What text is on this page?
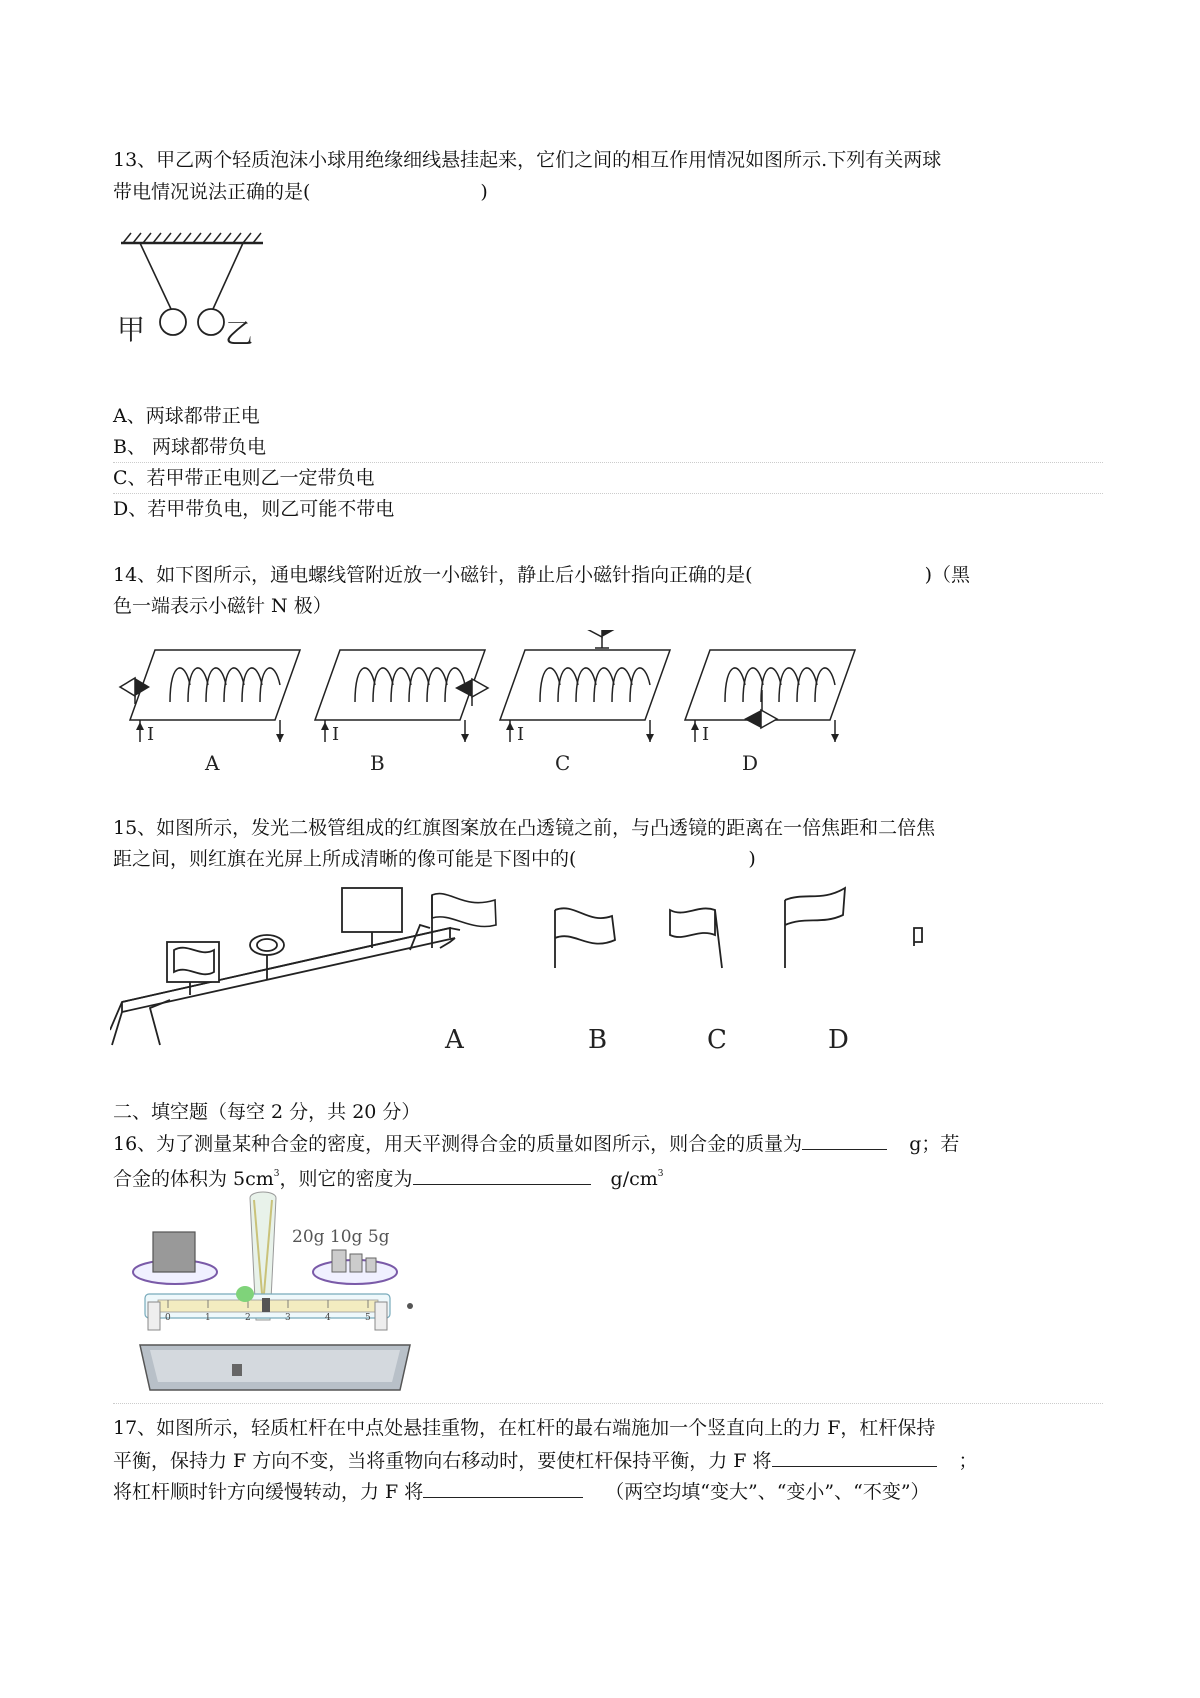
13、甲乙两个轻质泡沫小球用绝缘细线悬挂起来，它们之间的相互作用情况如图所示.下列有关两球
带电情况说法正确的是(	)
甲	乙
A、两球都带正电
B、 两球都带负电
C、若甲带正电则乙一定带负电
D、若甲带负电，则乙可能不带电
14、如下图所示，通电螺线管附近放一小磁针，静止后小磁针指向正确的是(	)（黑
色一端表示小磁针 N 极）
I
A
I
B
I
C
I
D
15、如图所示，发光二极管组成的红旗图案放在凸透镜之前，与凸透镜的距离在一倍焦距和二倍焦
距之间，则红旗在光屏上所成清晰的像可能是下图中的(	)
A	B	C	D
二、填空题（每空 2 分，共 20 分）
16、为了测量某种合金的密度，用天平测得合金的质量如图所示，则合金的质量为	g；若
合金的体积为 $5cm^3$，则它的密度为	$g/cm^3$
0	1	2	3	4	5
20g 10g 5g
17、如图所示，轻质杠杆在中点处悬挂重物，在杠杆的最右端施加一个竖直向上的力 F，杠杆保持
平衡，保持力 F 方向不变，当将重物向右移动时，要使杠杆保持平衡，力 F 将	；
将杠杆顺时针方向缓慢转动，力 F 将	（两空均填“变大”、“变小”、“不变”）
